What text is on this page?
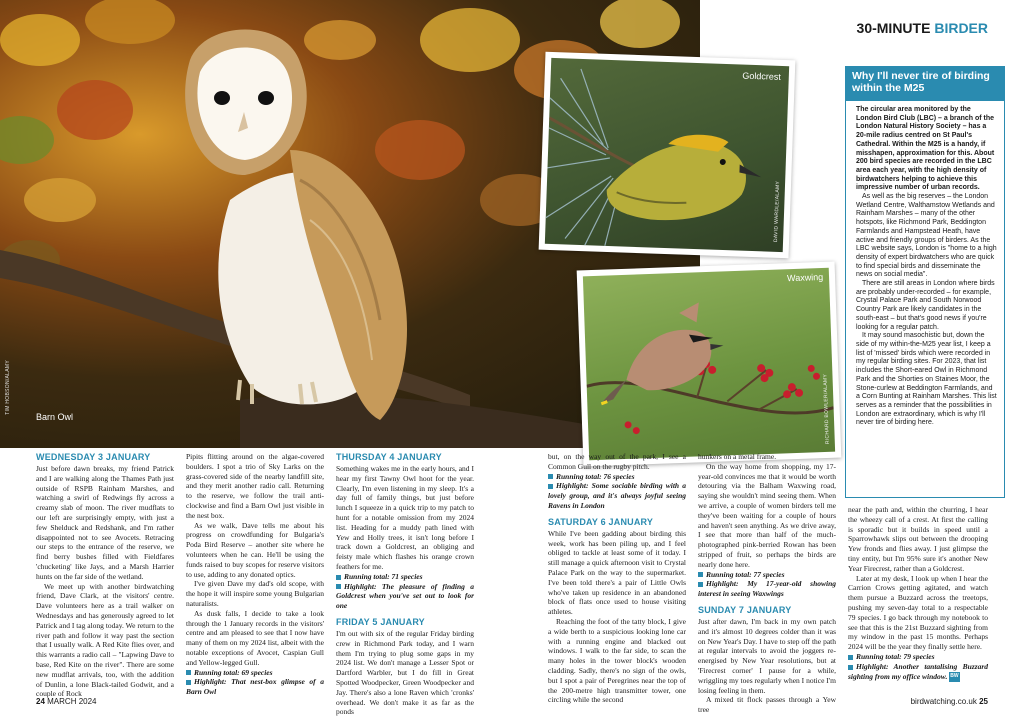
TIM HOBSON/ALAMY
Barn Owl
30-MINUTE BIRDER
Goldcrest
DAVID WARDLE/ALAMY
Waxwing
RICHARD BOWLER/ALAMY
Why I'll never tire of birding within the M25

The circular area monitored by the London Bird Club (LBC) – a branch of the London Natural History Society – has a 20-mile radius centred on St Paul's Cathedral. Within the M25 is a handy, if misshapen, approximation for this. About 200 bird species are recorded in the LBC area each year, with the high density of birdwatchers helping to achieve this impressive number of urban records.

As well as the big reserves – the London Wetland Centre, Walthamstow Wetlands and Rainham Marshes – many of the other hotspots, like Richmond Park, Beddington Farmlands and Hampstead Heath, have active and friendly groups of birders. As the LBC website says, London is "home to a high density of expert birdwatchers who are quick to find special birds and disseminate the news on social media".

There are still areas in London where birds are probably under-recorded – for example, Crystal Palace Park and South Norwood Country Park are likely candidates in the south-east – but that's good news if you're looking for a regular patch.

It may sound masochistic but, down the side of my within-the-M25 year list, I keep a list of 'missed' birds which were recorded in my regular birding sites. For 2023, that list includes the Short-eared Owl in Richmond Park and the Shorties on Staines Moor, the Stone-curlew at Beddington Farmlands, and a Corn Bunting at Rainham Marshes. This list serves as a reminder that the possibilities in London are extraordinary, which is why I'll never tire of birding here.

WEDNESDAY 3 JANUARY

Just before dawn breaks, my friend Patrick and I are walking along the Thames Path just outside of RSPB Rainham Marshes, and watching a swirl of Redwings fly across a creamy slab of moon. The river mudflats to our left are surprisingly empty, with just a few Shelduck and Redshank, and I'm rather disappointed not to see Avocets. Retracing our steps to the entrance of the reserve, we find berry bushes filled with Fieldfares 'chucketing' like Jays, and a Marsh Harrier hunts on the far side of the wetland.

We meet up with another birdwatching friend, Dave Clark, at the visitors' centre. Dave volunteers here as a trail walker on Wednesdays and has generously agreed to let Patrick and I tag along today. We return to the river path and follow it way past the section that I usually walk. A Red Kite flies over, and this warrants a radio call – "Lapwing Dave to base, Red Kite on the river". There are some new mudflat arrivals, too, with the addition of Dunlin, a lone Black-tailed Godwit, and a couple of Rock

Pipits flitting around on the algae-covered boulders. I spot a trio of Sky Larks on the grass-covered side of the nearby landfill site, and they merit another radio call. Returning to the reserve, we follow the trail anti-clockwise and find a Barn Owl just visible in the nest box.

As we walk, Dave tells me about his progress on crowdfunding for Bulgaria's Poda Bird Reserve – another site where he volunteers when he can. He'll be using the funds raised to buy scopes for reserve visitors to use, adding to any donated optics.

I've given Dave my dad's old scope, with the hope it will inspire some young Bulgarian naturalists.

As dusk falls, I decide to take a look through the 1 January records in the visitors' centre and am pleased to see that I now have many of them on my 2024 list, albeit with the notable exceptions of Avocet, Caspian Gull and Yellow-legged Gull.

Running total: 69 species

Highlight: That nest-box glimpse of a Barn Owl

THURSDAY 4 JANUARY

Something wakes me in the early hours, and I hear my first Tawny Owl hoot for the year. Clearly, I'm even listening in my sleep. It's a day full of family things, but just before lunch I squeeze in a quick trip to my patch to hunt for a notable omission from my 2024 list. Heading for a muddy path lined with Yew and Holly trees, it isn't long before I track down a Goldcrest, an obliging and feisty male which flashes his orange crown feathers for me.

Running total: 71 species

Highlight: The pleasure of finding a Goldcrest when you've set out to look for one

FRIDAY 5 JANUARY

I'm out with six of the regular Friday birding crew in Richmond Park today, and I warn them I'm trying to plug some gaps in my 2024 list. We don't manage a Lesser Spot or Dartford Warbler, but I do fill in Great Spotted Woodpecker, Green Woodpecker and Jay. There's also a lone Raven which 'cronks' overhead. We don't make it as far as the ponds

but, on the way out of the park, I see a Common Gull on the rugby pitch.

Running total: 76 species

Highlight: Some sociable birding with a lovely group, and it's always joyful seeing Ravens in London

SATURDAY 6 JANUARY

While I've been gadding about birding this week, work has been piling up, and I feel obliged to tackle at least some of it today. I still manage a quick afternoon visit to Crystal Palace Park on the way to the supermarket. I've been told there's a pair of Little Owls who've taken up residence in an abandoned block of flats once used to house visiting athletes.

Reaching the foot of the tatty block, I give a wide berth to a suspicious looking lone car with a running engine and blacked out windows. I walk to the far side, to scan the many holes in the tower block's wooden cladding. Sadly, there's no sign of the owls, but I spot a pair of Peregrines near the top of the 200-metre high transmitter tower, one circling while the second

hunkers on a metal frame.

On the way home from shopping, my 17-year-old convinces me that it would be worth detouring via the Balham Waxwing road, saying she wouldn't mind seeing them. When we arrive, a couple of women birders tell me they've been waiting for a couple of hours and haven't seen anything. As we drive away, I see that more than half of the much-photographed pink-berried Rowan has been stripped of fruit, so perhaps the birds are nearly done here.

Running total: 77 species

Highlight: My 17-year-old showing interest in seeing Waxwings

SUNDAY 7 JANUARY

Just after dawn, I'm back in my own patch and it's almost 10 degrees colder than it was on New Year's Day. I have to step off the path at regular intervals to avoid the joggers re-energised by New Year resolutions, but at 'Firecrest corner' I pause for a while, wriggling my toes regularly when I notice I'm losing feeling in them.

A mixed tit flock passes through a Yew tree

near the path and, within the churring, I hear the wheezy call of a crest. At first the calling is sporadic but it builds in speed until a Sparrowhawk slips out between the drooping Yew fronds and flies away. I just glimpse the tiny entity, but I'm 95% sure it's another New Year Firecrest, rather than a Goldcrest.

Later at my desk, I look up when I hear the Carrion Crows getting agitated, and watch them pursue a Buzzard across the treetops, pushing my seven-day total to a respectable 79 species. I go back through my notebook to see that this is the 21st Buzzard sighting from my window in the past 15 months. Perhaps 2024 will be the year they finally settle here.

Running total: 79 species

Highlight: Another tantalising Buzzard sighting from my office window. BW

24 MARCH 2024	birdwatching.co.uk 25
